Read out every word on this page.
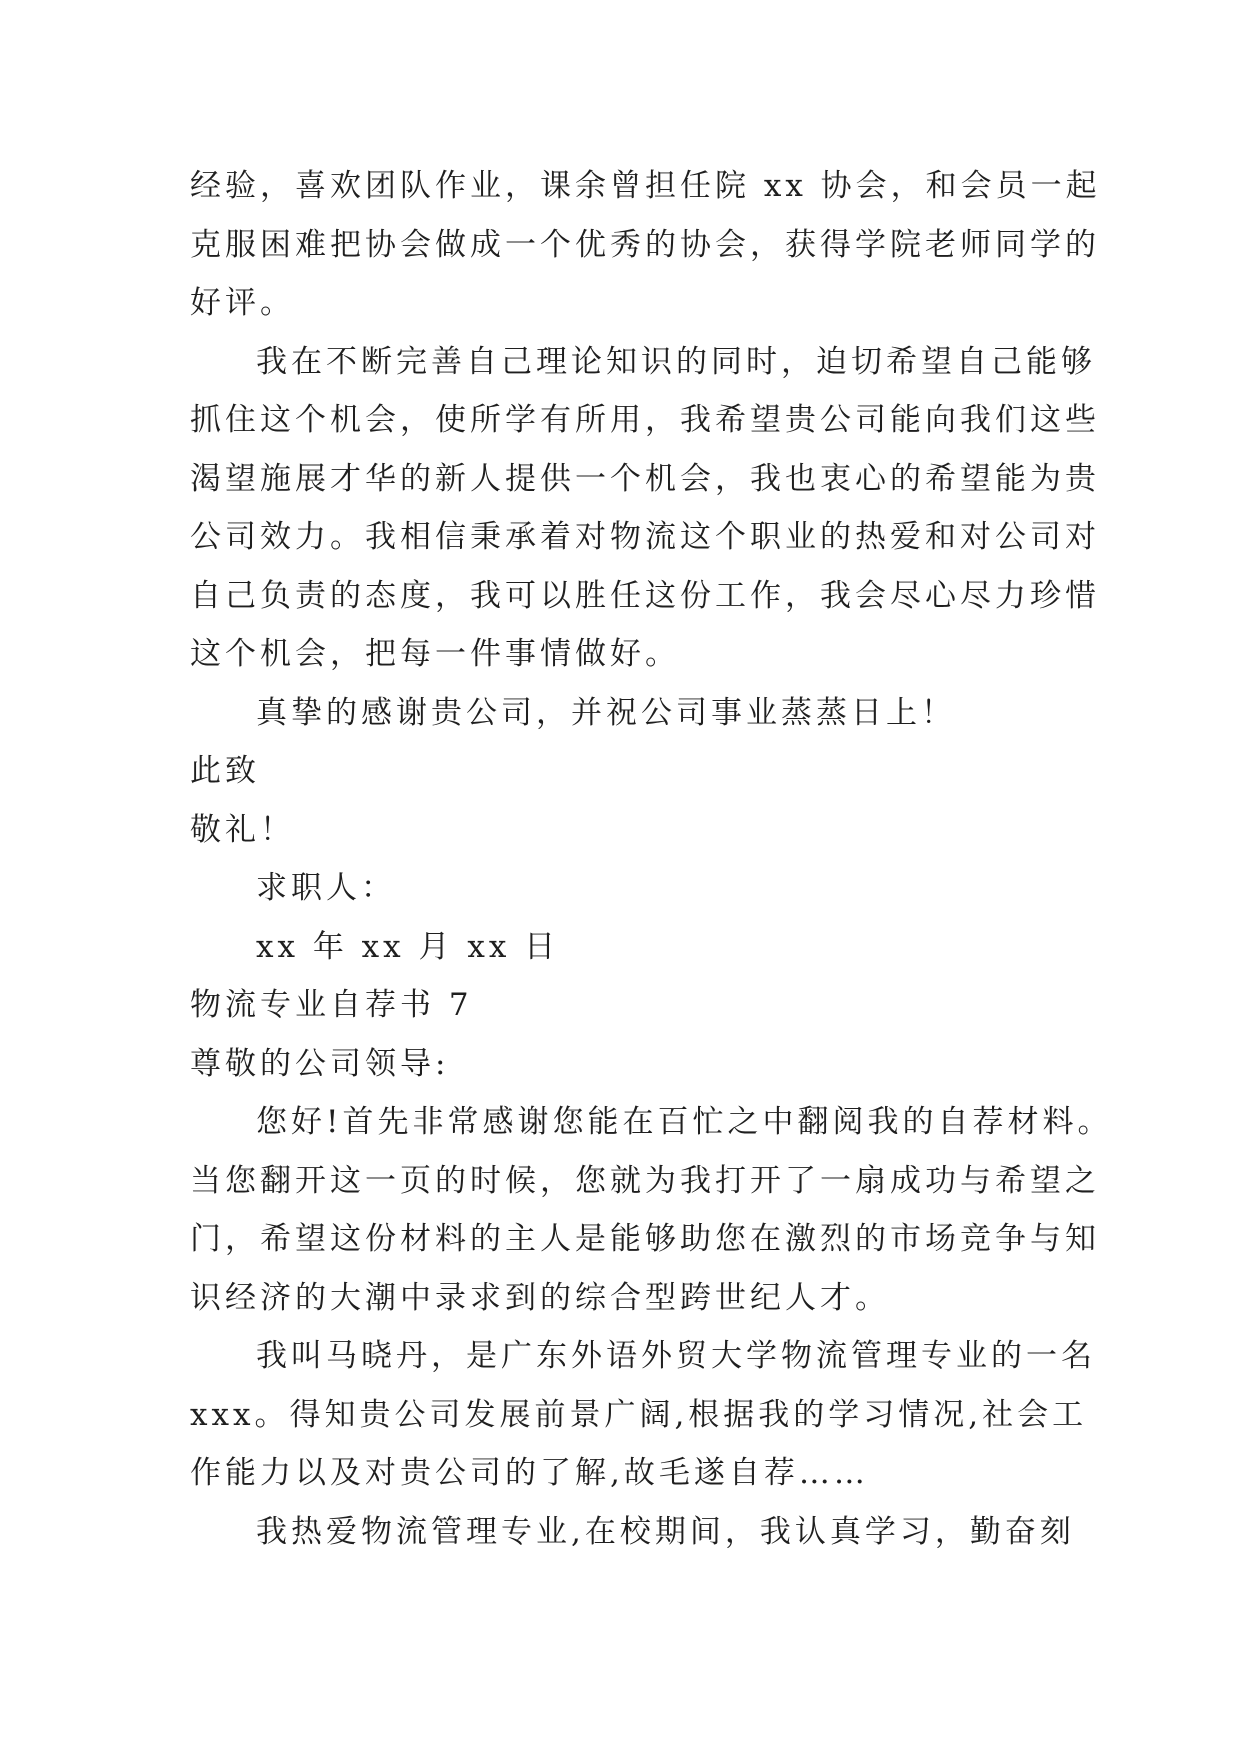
经验，喜欢团队作业，课余曾担任院 xx 协会，和会员一起
克服困难把协会做成一个优秀的协会，获得学院老师同学的
好评。
我在不断完善自己理论知识的同时，迫切希望自己能够
抓住这个机会，使所学有所用，我希望贵公司能向我们这些
渴望施展才华的新人提供一个机会，我也衷心的希望能为贵
公司效力。我相信秉承着对物流这个职业的热爱和对公司对
自己负责的态度，我可以胜任这份工作，我会尽心尽力珍惜
这个机会，把每一件事情做好。
真挚的感谢贵公司，并祝公司事业蒸蒸日上！
此致
敬礼！
求职人：
xx 年 xx 月 xx 日
物流专业自荐书 7
尊敬的公司领导:
您好!首先非常感谢您能在百忙之中翻阅我的自荐材料。
当您翻开这一页的时候，您就为我打开了一扇成功与希望之
门，希望这份材料的主人是能够助您在激烈的市场竞争与知
识经济的大潮中录求到的综合型跨世纪人才。
我叫马晓丹，是广东外语外贸大学物流管理专业的一名
xxx。得知贵公司发展前景广阔,根据我的学习情况,社会工
作能力以及对贵公司的了解,故毛遂自荐……
我热爱物流管理专业,在校期间，我认真学习，勤奋刻
